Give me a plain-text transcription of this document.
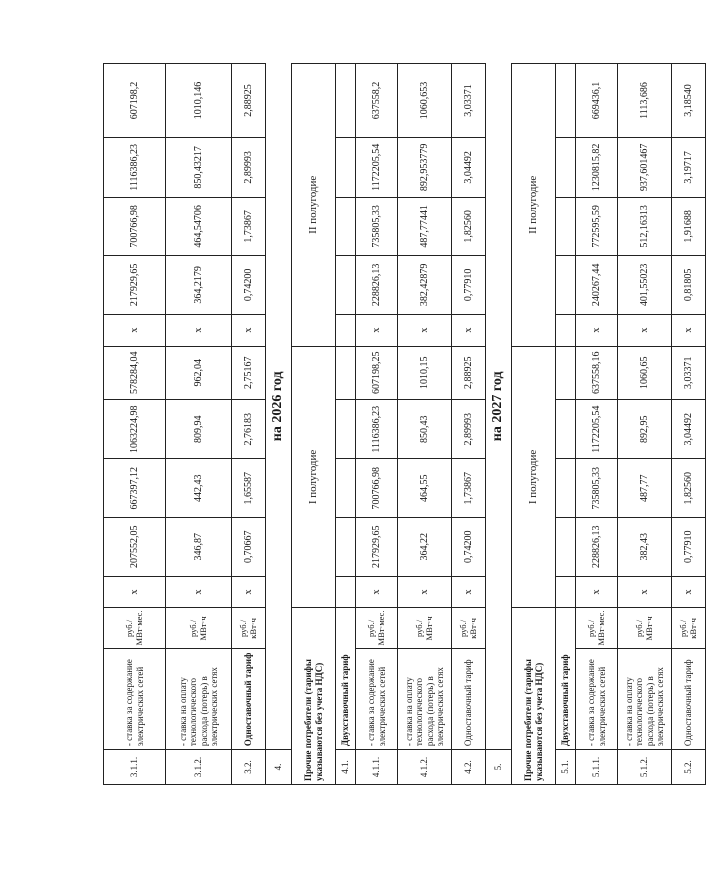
3.1.1.	- ставка за содержание электрических сетей	руб./МВт·мес.	x	207552,05	667397,12	1063224,98	578284,04	x	217929,65	700766,98	1116386,23	607198,2
3.1.2.	- ставка на оплату технологического расхода (потерь) в электрических сетях	руб./МВт·ч	x	346,87	442,43	809,94	962,04	x	364,2179	464,54706	850,43217	1010,146
3.2.	Одноставочный тариф	руб./кВт·ч	x	0,70667	1,65587	2,76183	2,75167	x	0,74200	1,73867	2,89993	2,88925
4.	на 2026 год											
Прочие потребители (тарифы указываются без учета НДС)			I полугодие					II полугодие				
4.1.	Двухставочный тариф											
4.1.1.	- ставка за содержание электрических сетей	руб./МВт·мес.	x	217929,65	700766,98	1116386,23	607198,25	x	228826,13	735805,33	1172205,54	637558,2
4.1.2.	- ставка на оплату технологического расхода (потерь) в электрических сетях	руб./МВт·ч	x	364,22	464,55	850,43	1010,15	x	382,42879	487,77441	892,953779	1060,653
4.2.	Одноставочный тариф	руб./кВт·ч	x	0,74200	1,73867	2,89993	2,88925	x	0,77910	1,82560	3,04492	3,03371
5.	на 2027 год											
Прочие потребители (тарифы указываются без учета НДС)			I полугодие					II полугодие				
5.1.	Двухставочный тариф											
5.1.1.	- ставка за содержание электрических сетей	руб./МВт·мес.	x	228826,13	735805,33	1172205,54	637558,16	x	240267,44	772595,59	1230815,82	669436,1
5.1.2.	- ставка на оплату технологического расхода (потерь) в электрических сетях	руб./МВт·ч	x	382,43	487,77	892,95	1060,65	x	401,55023	512,16313	937,601467	1113,686
5.2.	Одноставочный тариф	руб./кВт·ч	x	0,77910	1,82560	3,04492	3,03371	x	0,81805	1,91688	3,19717	3,18540
